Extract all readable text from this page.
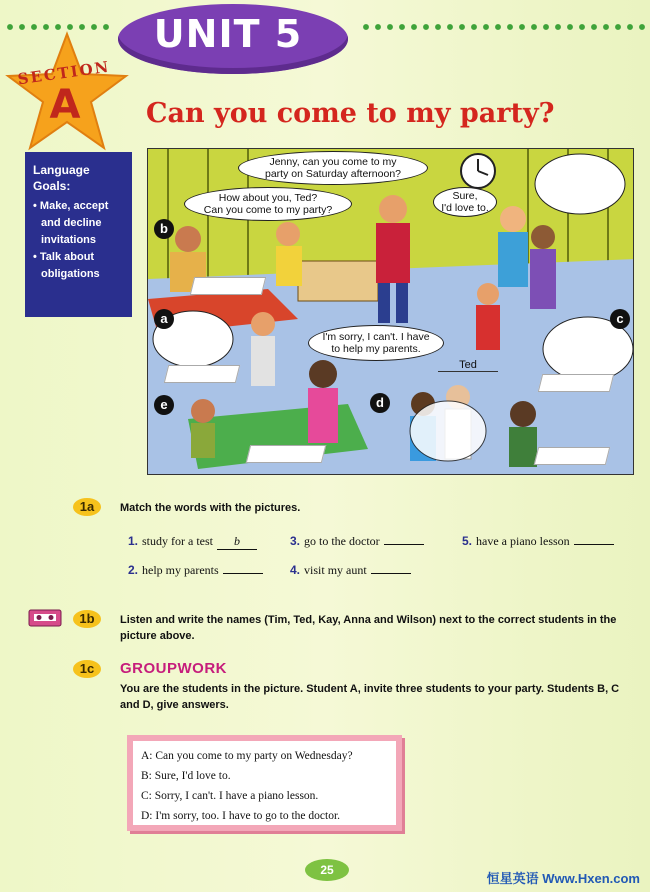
UNIT 5
SECTION
A	Can you come to my party?
Language Goals:
• Make, accept and decline invitations
• Talk about obligations
Jenny, can you come to my
party on Saturday afternoon?
How about you, Ted?
Can you come to my party?
Sure,
I'd love to.
I'm sorry, I can't. I have
to help my parents.
b
a	c
e	d
Ted
1a	Match the words with the pictures.
1. study for a test b	3. go to the doctor	5. have a piano lesson
2. help my parents	4. visit my aunt
1b	Listen and write the names (Tim, Ted, Kay, Anna and Wilson) next to the correct students in the picture above.
1c	GROUPWORK
You are the students in the picture. Student A, invite three students to your party. Students B, C and D, give answers.
A: Can you come to my party on Wednesday?
B: Sure, I'd love to.
C: Sorry, I can't. I have a piano lesson.
D: I'm sorry, too. I have to go to the doctor.
25
恒星英语 Www.Hxen.com
